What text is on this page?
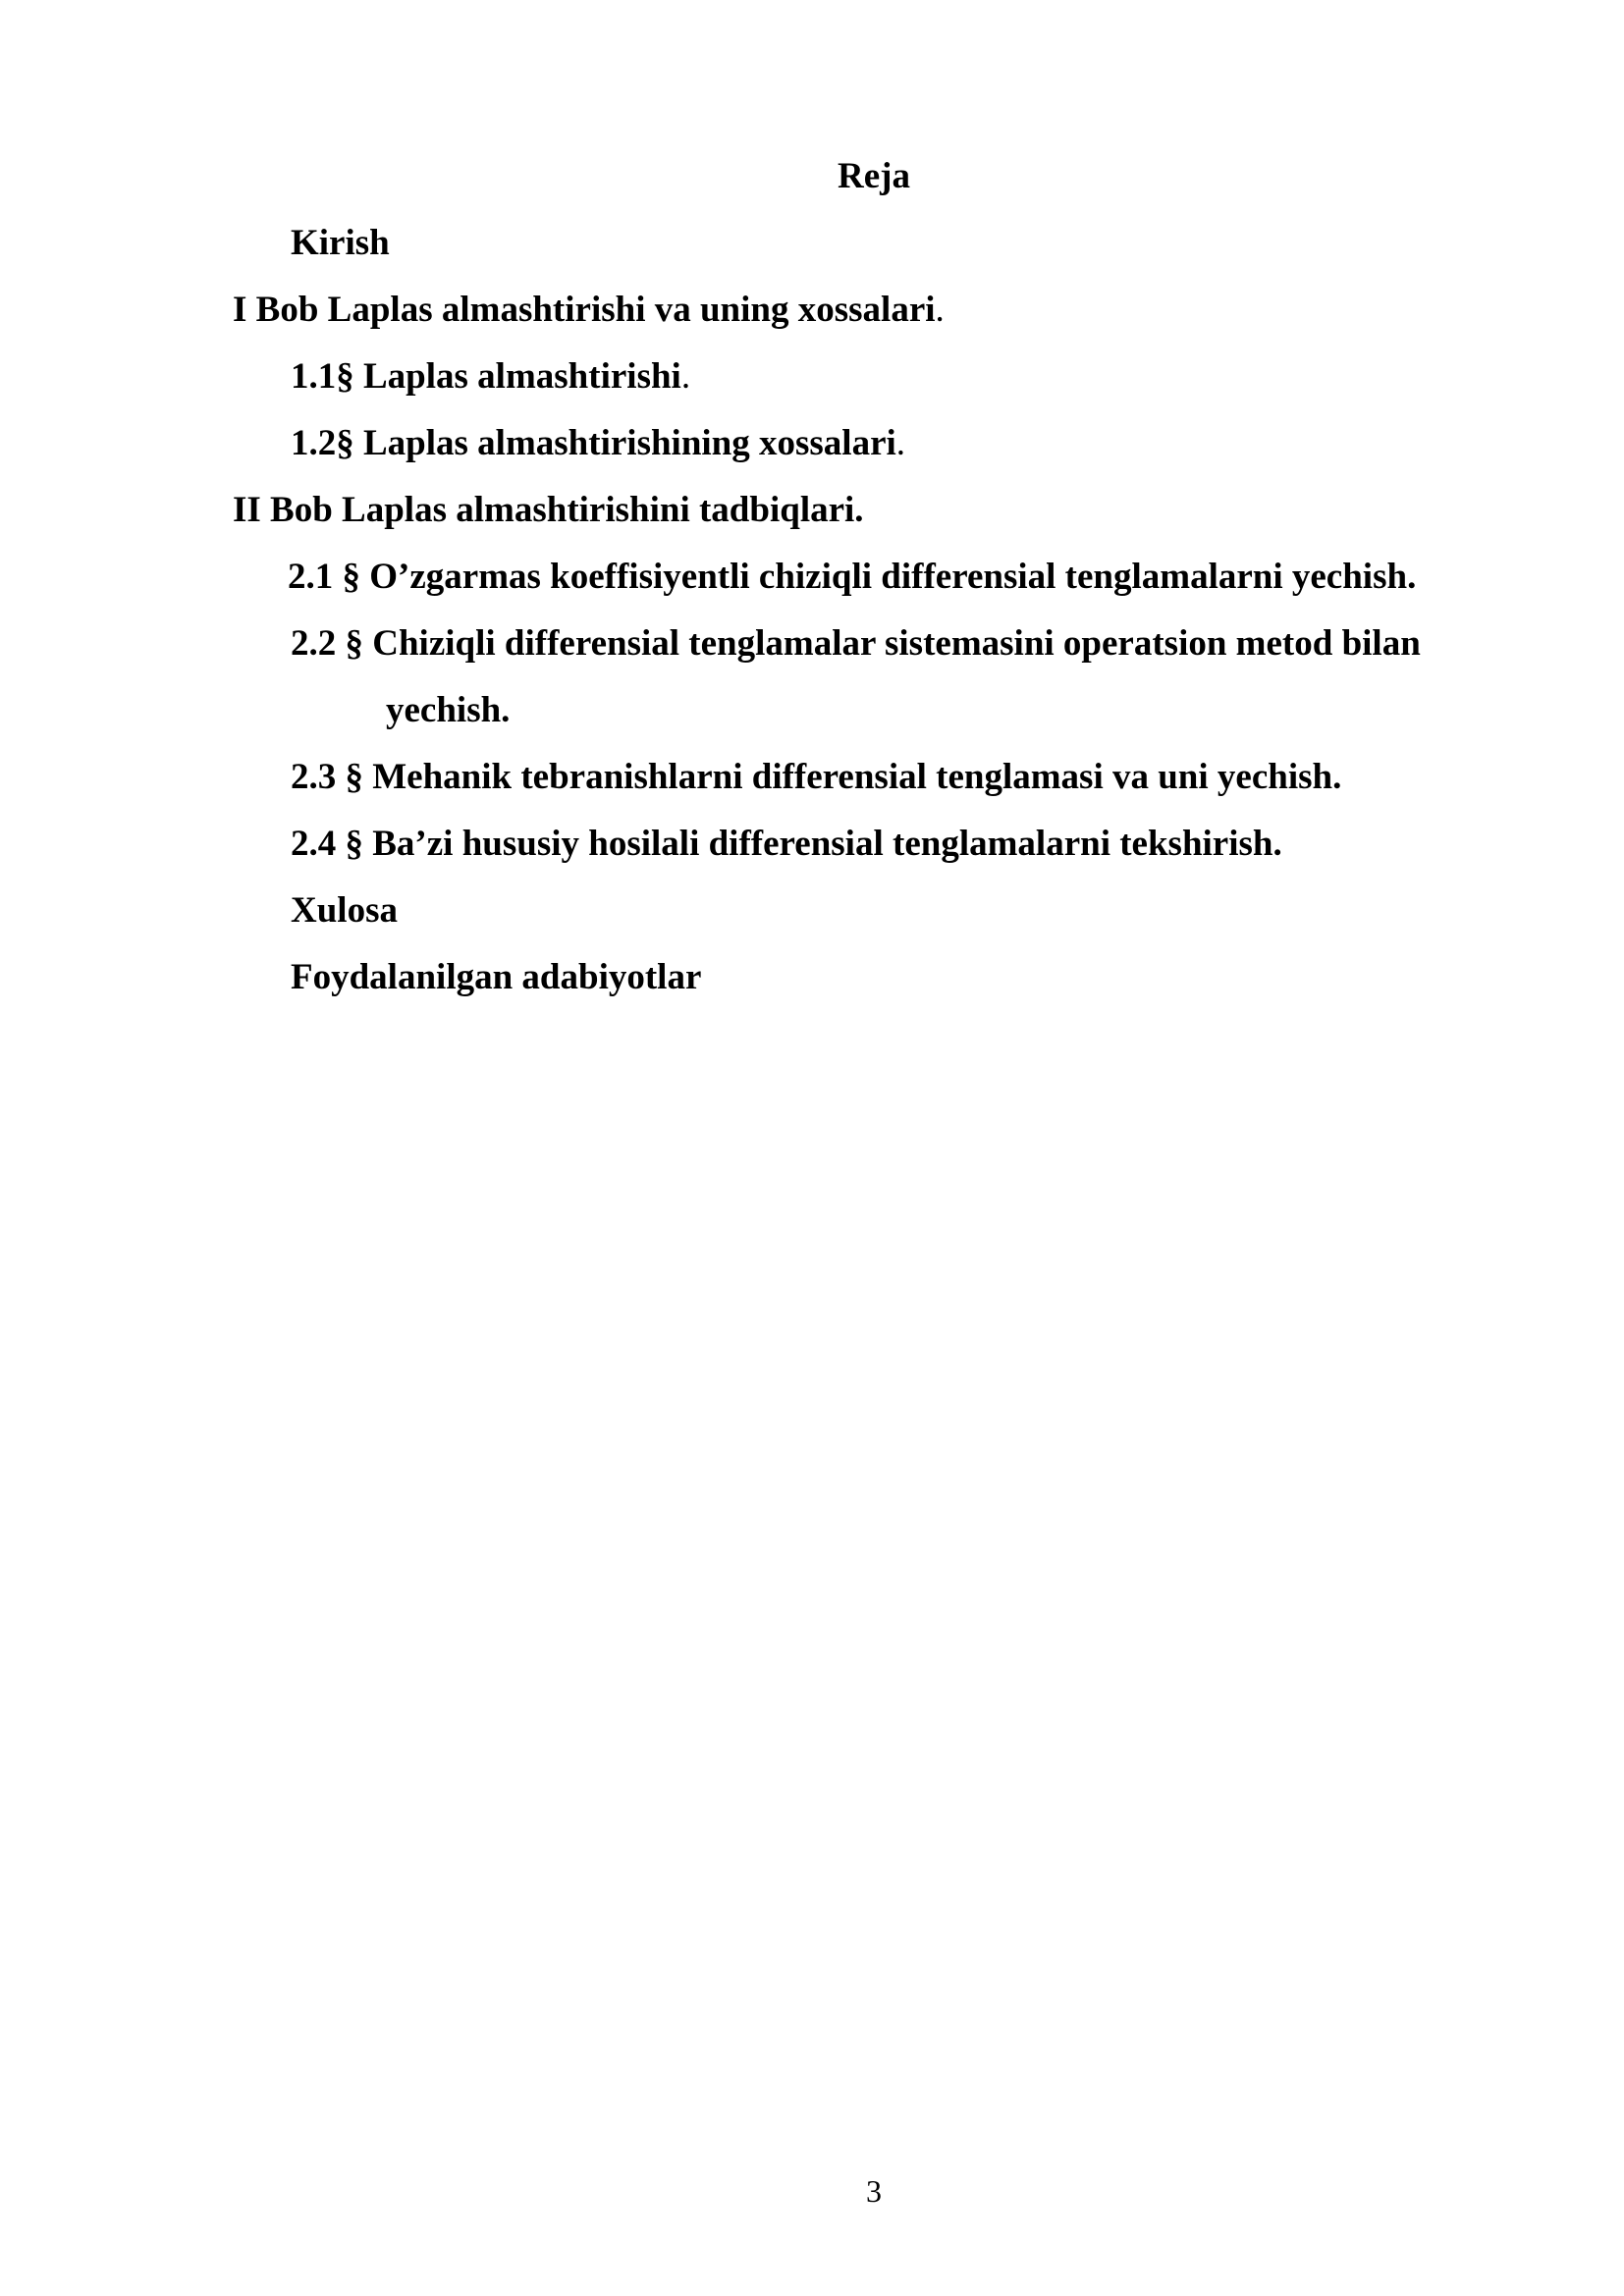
Reja
Kirish
I Bob Laplas almashtirishi va uning xossalari.
1.1§ Laplas almashtirishi.
1.2§ Laplas almashtirishining xossalari.
II Bob Laplas almashtirishini tadbiqlari.
2.1 § O’zgarmas koeffisiyentli chiziqli differensial tenglamalarni yechish.
2.2 § Chiziqli differensial tenglamalar sistemasini operatsion metod bilan
yechish.
2.3 § Mehanik tebranishlarni differensial tenglamasi va uni yechish.
2.4 § Ba’zi hususiy hosilali differensial tenglamalarni tekshirish.
Xulosa
Foydalanilgan adabiyotlar
3
